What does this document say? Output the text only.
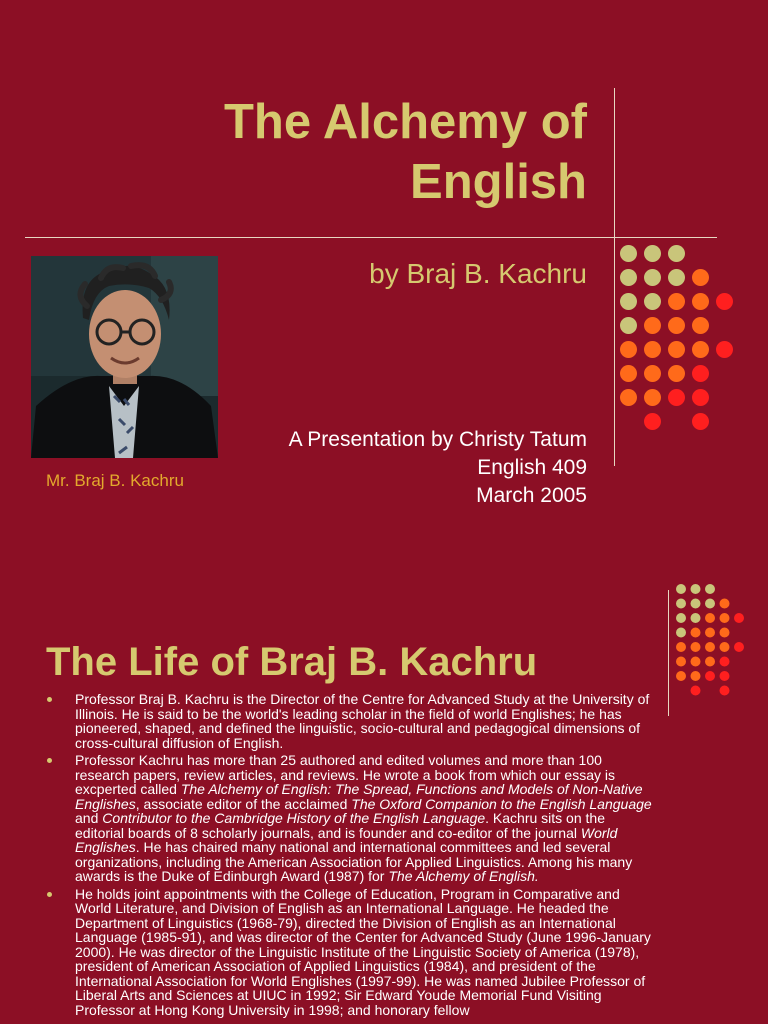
The Alchemy of
English
by Braj B. Kachru
Mr. Braj B. Kachru
A Presentation by Christy Tatum
English 409
March 2005
The Life of Braj B. Kachru
Professor Braj B. Kachru is the Director of the Centre for Advanced Study at the University of Illinois. He is said to be the world's leading scholar in the field of world Englishes; he has pioneered, shaped, and defined the linguistic, socio-cultural and pedagogical dimensions of cross-cultural diffusion of English.
Professor Kachru has more than 25 authored and edited volumes and more than 100 research papers, review articles, and reviews. He wrote a book from which our essay is excperted called The Alchemy of English: The Spread, Functions and Models of Non-Native Englishes, associate editor of the acclaimed The Oxford Companion to the English Language and Contributor to the Cambridge History of the English Language. Kachru sits on the editorial boards of 8 scholarly journals, and is founder and co-editor of the journal World Englishes. He has chaired many national and international committees and led several organizations, including the American Association for Applied Linguistics. Among his many awards is the Duke of Edinburgh Award (1987) for The Alchemy of English.
He holds joint appointments with the College of Education, Program in Comparative and World Literature, and Division of English as an International Language. He headed the Department of Linguistics (1968-79), directed the Division of English as an International Language (1985-91), and was director of the Center for Advanced Study (June 1996-January 2000). He was director of the Linguistic Institute of the Linguistic Society of America (1978), president of American Association of Applied Linguistics (1984), and president of the International Association for World Englishes (1997-99). He was named Jubilee Professor of Liberal Arts and Sciences at UIUC in 1992; Sir Edward Youde Memorial Fund Visiting Professor at Hong Kong University in 1998; and honorary fellow
